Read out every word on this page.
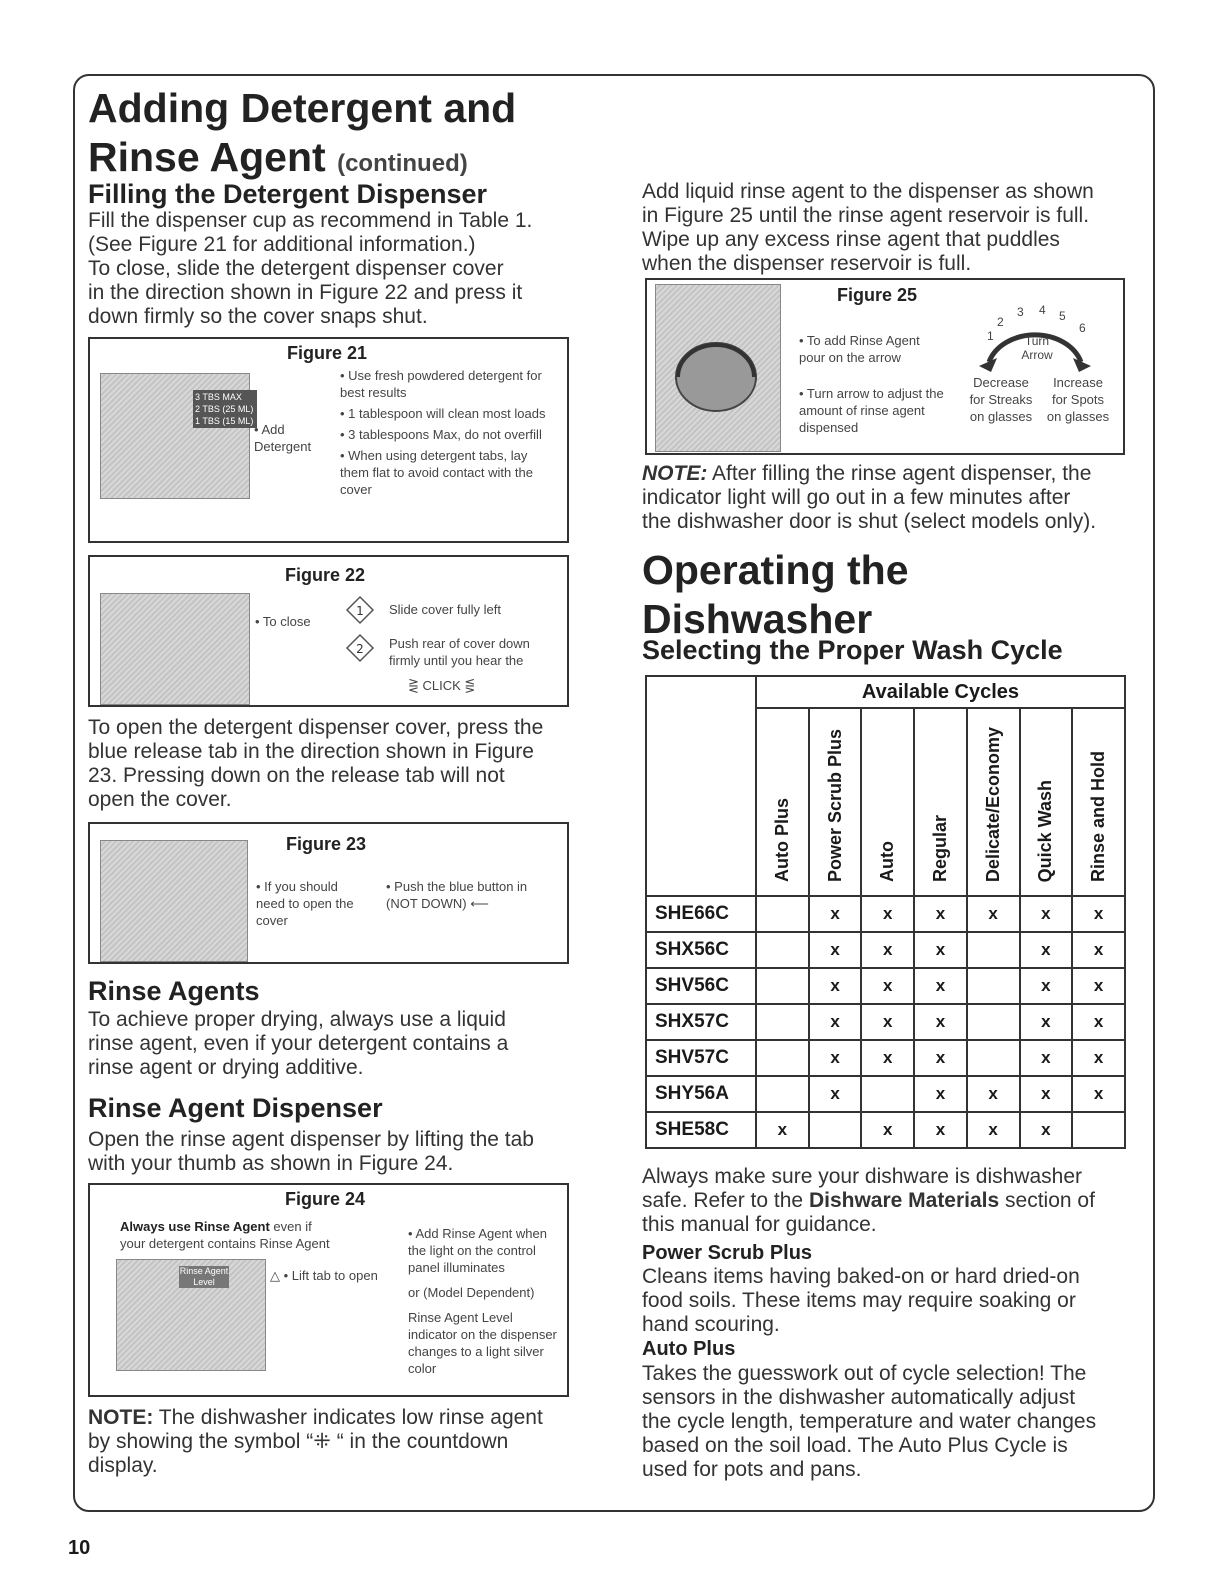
Adding Detergent and
Rinse Agent (continued)
Filling the Detergent Dispenser
Fill the dispenser cup as recommend in Table 1.
(See Figure 21 for additional information.)
To close, slide the detergent dispenser cover
in the direction shown in Figure 22 and press it
down firmly so the cover snaps shut.
Figure 21
3 TBS MAX
2 TBS (25 ML)
1 TBS (15 ML)
• Add Detergent
• Use fresh powdered detergent for best results
• 1 tablespoon will clean most loads
• 3 tablespoons Max, do not overfill
• When using detergent tabs, lay them flat to avoid contact with the cover
Figure 22
• To close
1 Slide cover fully left
2 Push rear of cover down firmly until you hear the
⋛ CLICK ⋚
To open the detergent dispenser cover, press the
blue release tab in the direction shown in Figure
23. Pressing down on the release tab will not
open the cover.
Figure 23
• If you should need to open the cover
• Push the blue button in (NOT DOWN) ⟵
Rinse Agents
To achieve proper drying, always use a liquid
rinse agent, even if your detergent contains a
rinse agent or drying additive.
Rinse Agent Dispenser
Open the rinse agent dispenser by lifting the tab
with your thumb as shown in Figure 24.
Figure 24
Always use Rinse Agent even if
your detergent contains Rinse Agent
Rinse Agent Level	△ • Lift tab to open
• Add Rinse Agent when the light on the control panel illuminates
or (Model Dependent)
Rinse Agent Level indicator on the dispenser changes to a light silver color
NOTE: The dishwasher indicates low rinse agent
by showing the symbol “⁜ “ in the countdown
display.
Add liquid rinse agent to the dispenser as shown
in Figure 25 until the rinse agent reservoir is full.
Wipe up any excess rinse agent that puddles
when the dispenser reservoir is full.
Figure 25
• To add Rinse Agent pour on the arrow
• Turn arrow to adjust the amount of rinse agent dispensed
2
3 4 5
6
1	Turn
Arrow
Decrease for Streaks on glasses
Increase for Spots on glasses
NOTE: After filling the rinse agent dispenser, the
indicator light will go out in a few minutes after
the dishwasher door is shut (select models only).
Operating the
Dishwasher
Selecting the Proper Wash Cycle
	Available Cycles						
	Auto Plus	Power Scrub Plus	Auto	Regular	Delicate/Economy	Quick Wash	Rinse and Hold
SHE66C		x	x	x	x	x	x
SHX56C		x	x	x		x	x
SHV56C		x	x	x		x	x
SHX57C		x	x	x		x	x
SHV57C		x	x	x		x	x
SHY56A		x		x	x	x	x
SHE58C	x		x	x	x	x	
Always make sure your dishware is dishwasher
safe. Refer to the Dishware Materials section of
this manual for guidance.
Power Scrub Plus
Cleans items having baked-on or hard dried-on
food soils. These items may require soaking or
hand scouring.
Auto Plus
Takes the guesswork out of cycle selection! The
sensors in the dishwasher automatically adjust
the cycle length, temperature and water changes
based on the soil load. The Auto Plus Cycle is
used for pots and pans.
10
